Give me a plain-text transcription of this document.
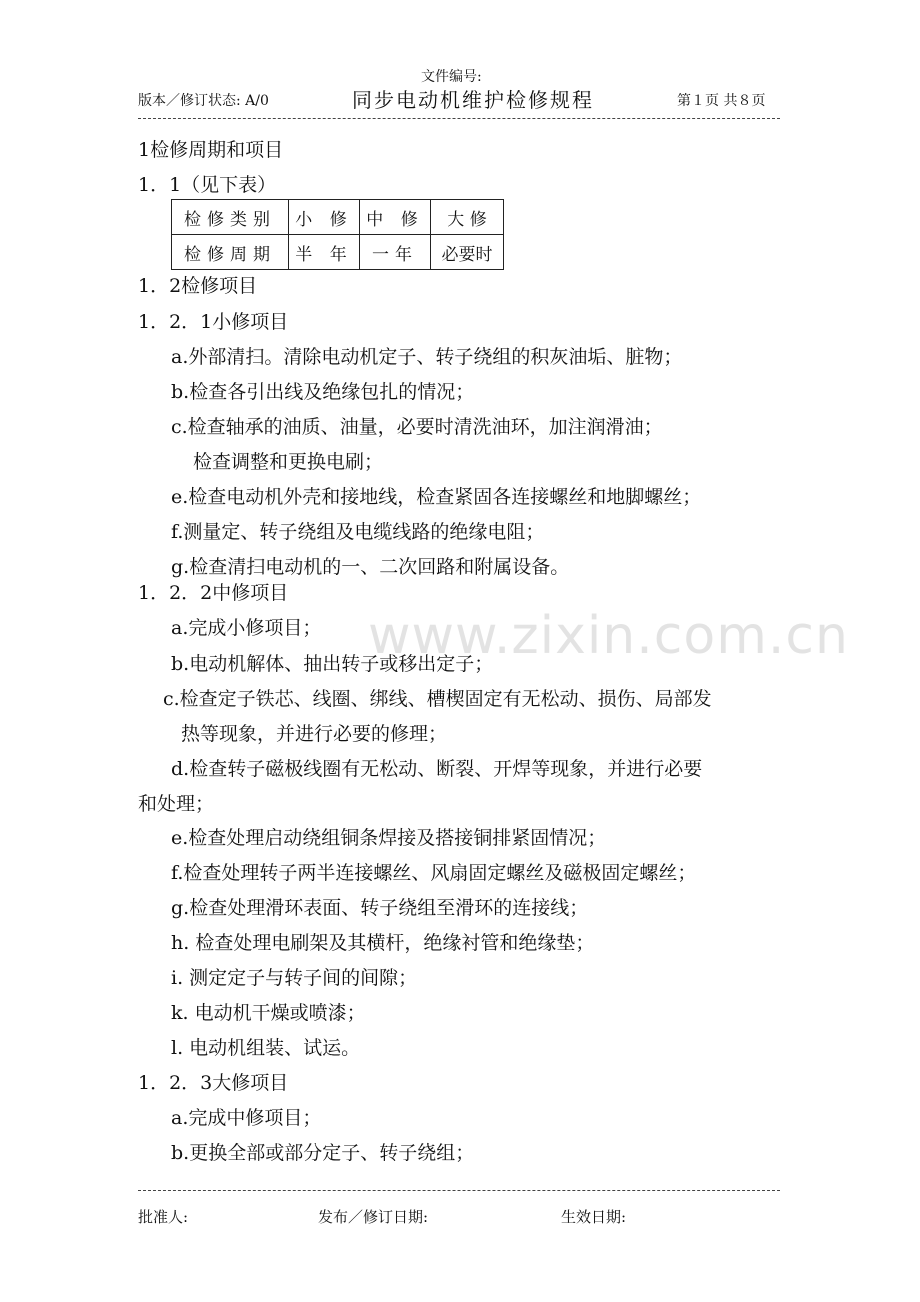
文件编号:
版本／修订状态: A/0	同步电动机维护检修规程	第１页 共８页
www.zixin.com.cn
1检修周期和项目
1．1（见下表）
检修类别	小 修	中 修	大 修
检修周期	半 年	一年	必要时
1．2检修项目
1．2．1小修项目
a.外部清扫。清除电动机定子、转子绕组的积灰油垢、脏物；
b.检查各引出线及绝缘包扎的情况；
c.检查轴承的油质、油量，必要时清洗油环，加注润滑油；
检查调整和更换电刷；
e.检查电动机外壳和接地线，检查紧固各连接螺丝和地脚螺丝；
f.测量定、转子绕组及电缆线路的绝缘电阻；
g.检查清扫电动机的一、二次回路和附属设备。
1．2．2中修项目
a.完成小修项目；
b.电动机解体、抽出转子或移出定子；
c.检查定子铁芯、线圈、绑线、槽楔固定有无松动、损伤、局部发
热等现象，并进行必要的修理；
d.检查转子磁极线圈有无松动、断裂、开焊等现象，并进行必要
和处理；
e.检查处理启动绕组铜条焊接及搭接铜排紧固情况；
f.检查处理转子两半连接螺丝、风扇固定螺丝及磁极固定螺丝；
g.检查处理滑环表面、转子绕组至滑环的连接线；
h. 检查处理电刷架及其横杆，绝缘衬管和绝缘垫；
i. 测定定子与转子间的间隙；
k. 电动机干燥或喷漆；
l. 电动机组装、试运。
1．2．3大修项目
a.完成中修项目；
b.更换全部或部分定子、转子绕组；
批准人:	发布／修订日期:	生效日期:
